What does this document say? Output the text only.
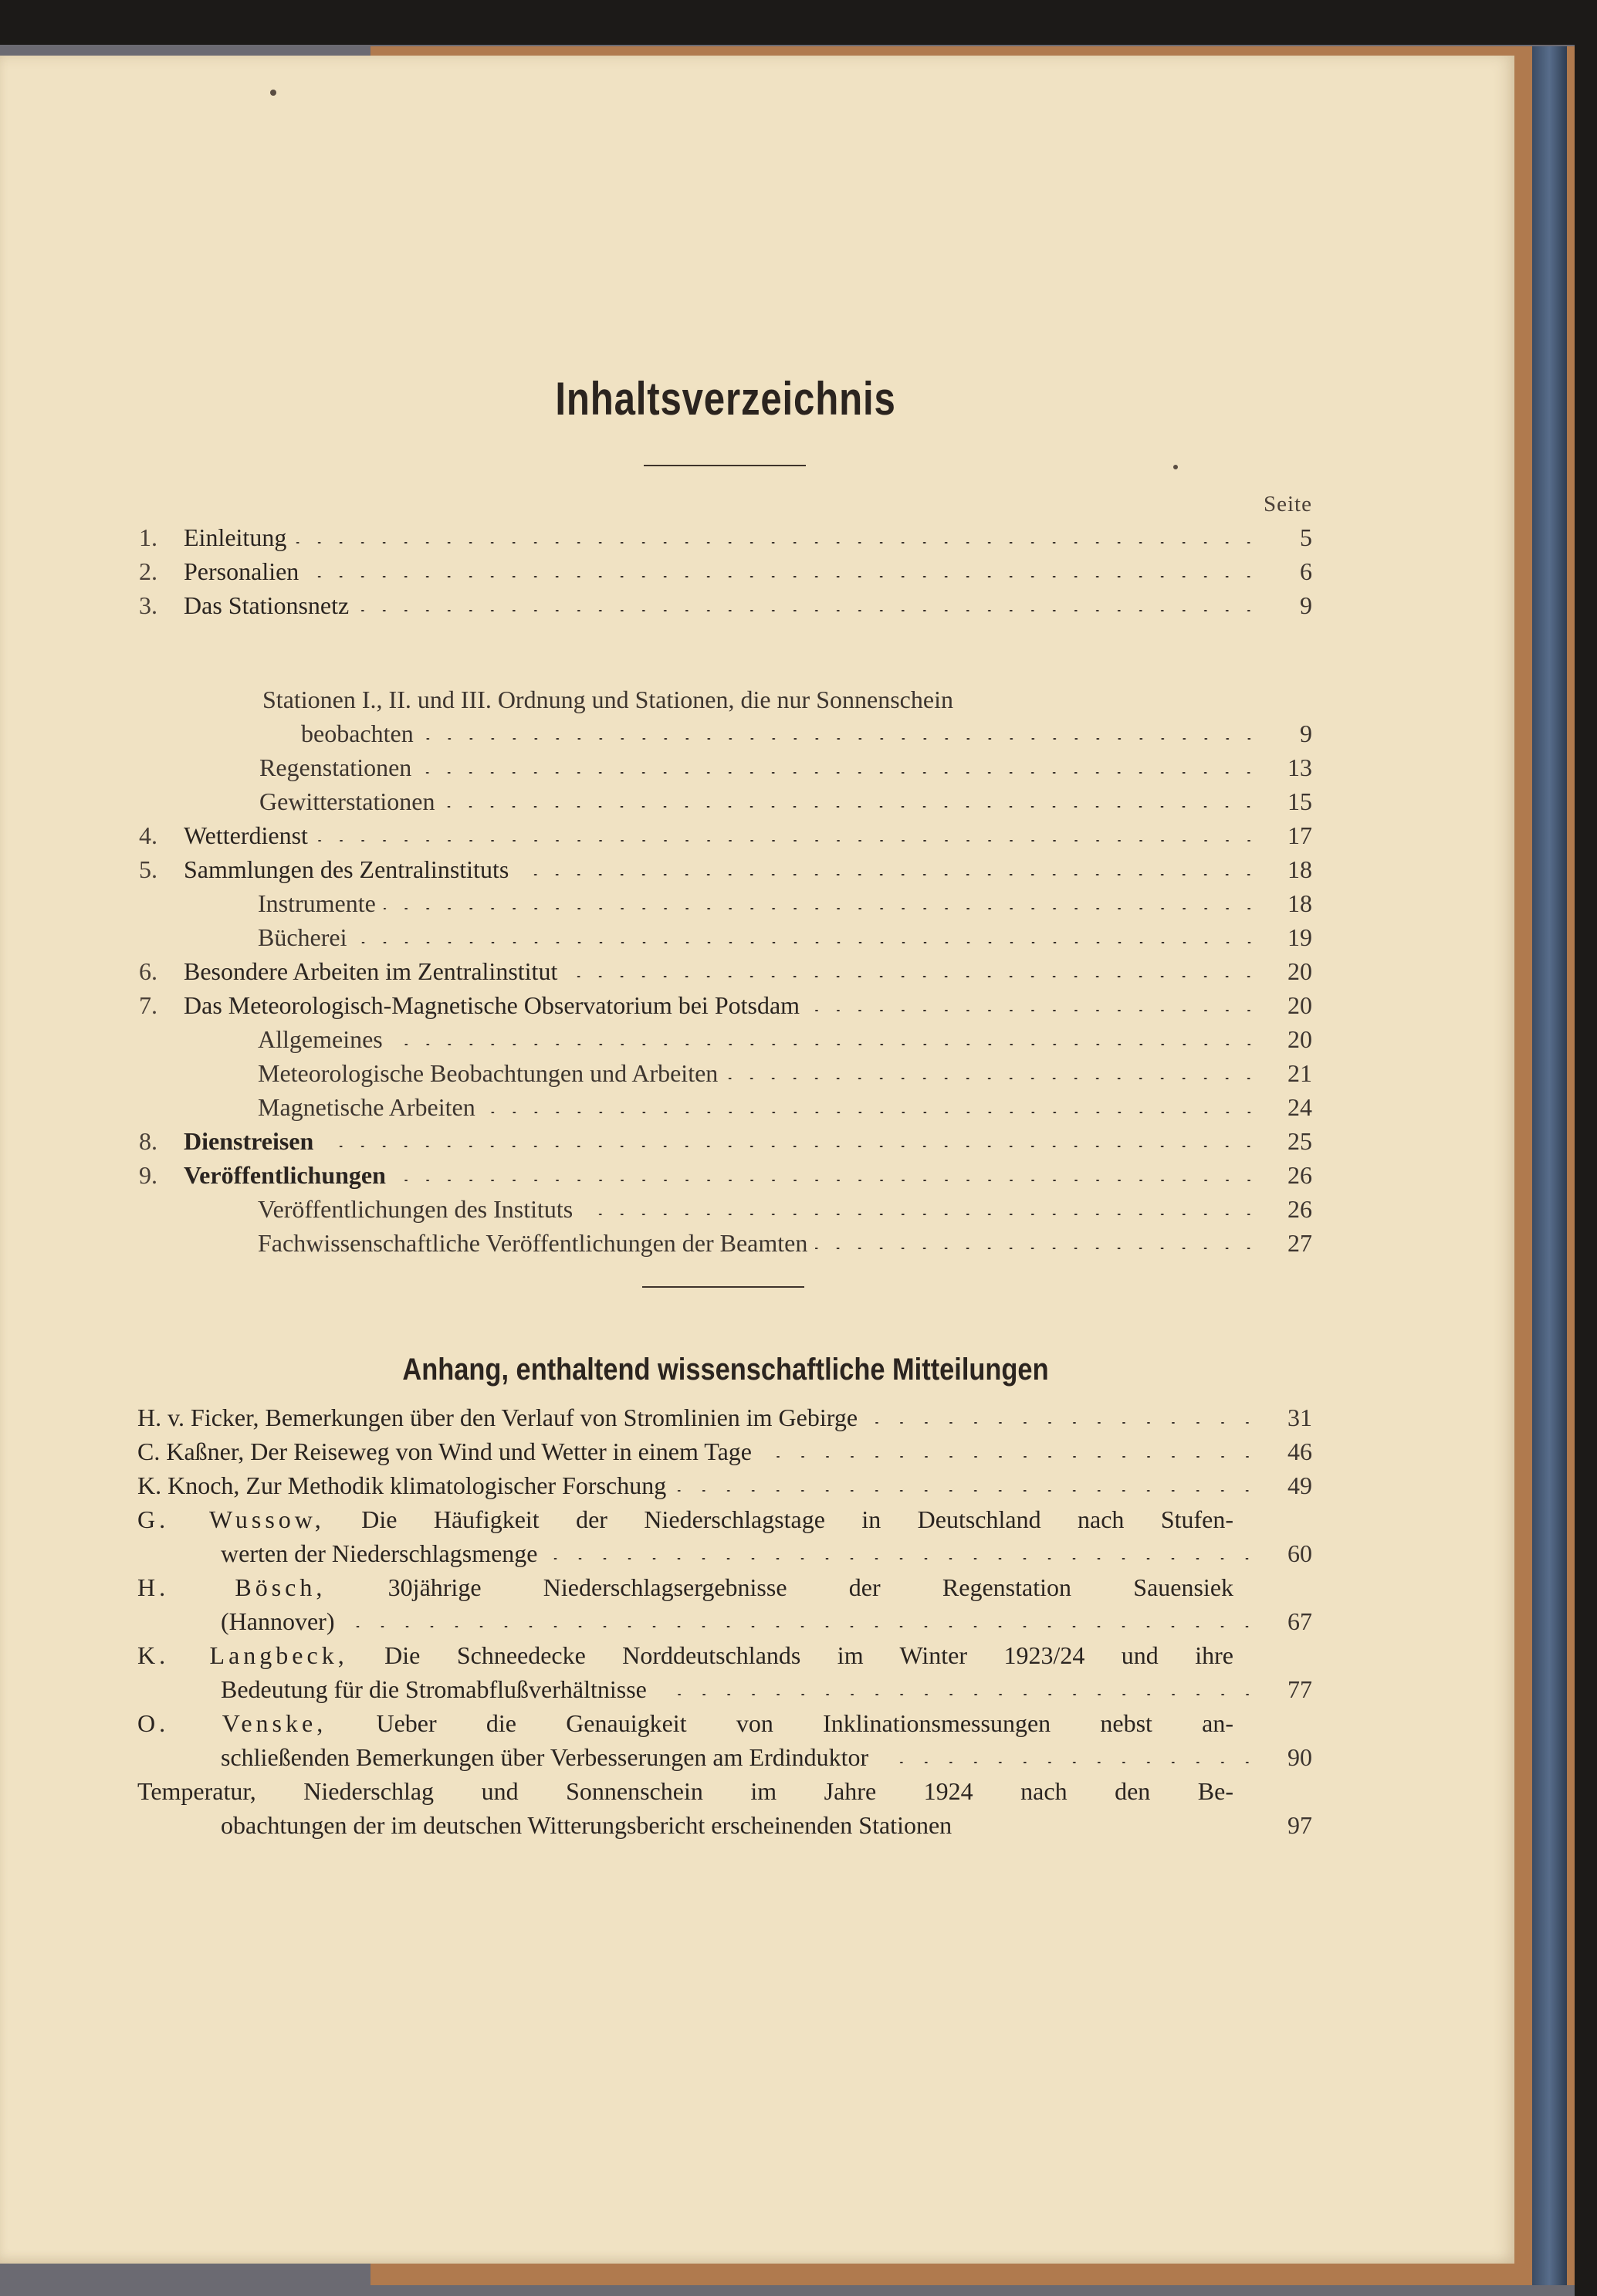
Inhaltsverzeichnis
Seite
1.	Einleitung	5
2.	Personalien	6
3.	Das Stationsnetz	9
Stationen I., II. und III. Ordnung und Stationen, die nur Sonnenschein
beobachten	9
Regenstationen	13
Gewitterstationen	15
4.	Wetterdienst	17
5.	Sammlungen des Zentralinstituts	18
Instrumente	18
Bücherei	19
6.	Besondere Arbeiten im Zentralinstitut	20
7.	Das Meteorologisch-Magnetische Observatorium bei Potsdam	20
Allgemeines	20
Meteorologische Beobachtungen und Arbeiten	21
Magnetische Arbeiten	24
8.	Dienstreisen	25
9.	Veröffentlichungen	26
Veröffentlichungen des Instituts	26
Fachwissenschaftliche Veröffentlichungen der Beamten	27
Anhang, enthaltend wissenschaftliche Mitteilungen
H. v. Ficker, Bemerkungen über den Verlauf von Stromlinien im Gebirge	31
C. Kaßner, Der Reiseweg von Wind und Wetter in einem Tage	46
K. Knoch, Zur Methodik klimatologischer Forschung	49
G. Wussow, Die Häufigkeit der Niederschlagstage in Deutschland nach Stufen-
werten der Niederschlagsmenge	60
H. Bösch,	30jährige Niederschlagsergebnisse der Regenstation Sauensiek
(Hannover)	67
K. Langbeck, Die Schneedecke Norddeutschlands im Winter 1923/24 und ihre
Bedeutung für die Stromabflußverhältnisse	77
O. Venske, Ueber die Genauigkeit von Inklinationsmessungen nebst an-
schließenden Bemerkungen über Verbesserungen am Erdinduktor	90
Temperatur, Niederschlag und Sonnenschein im Jahre 1924 nach den Be-
obachtungen der im deutschen Witterungsbericht erscheinenden Stationen	97
